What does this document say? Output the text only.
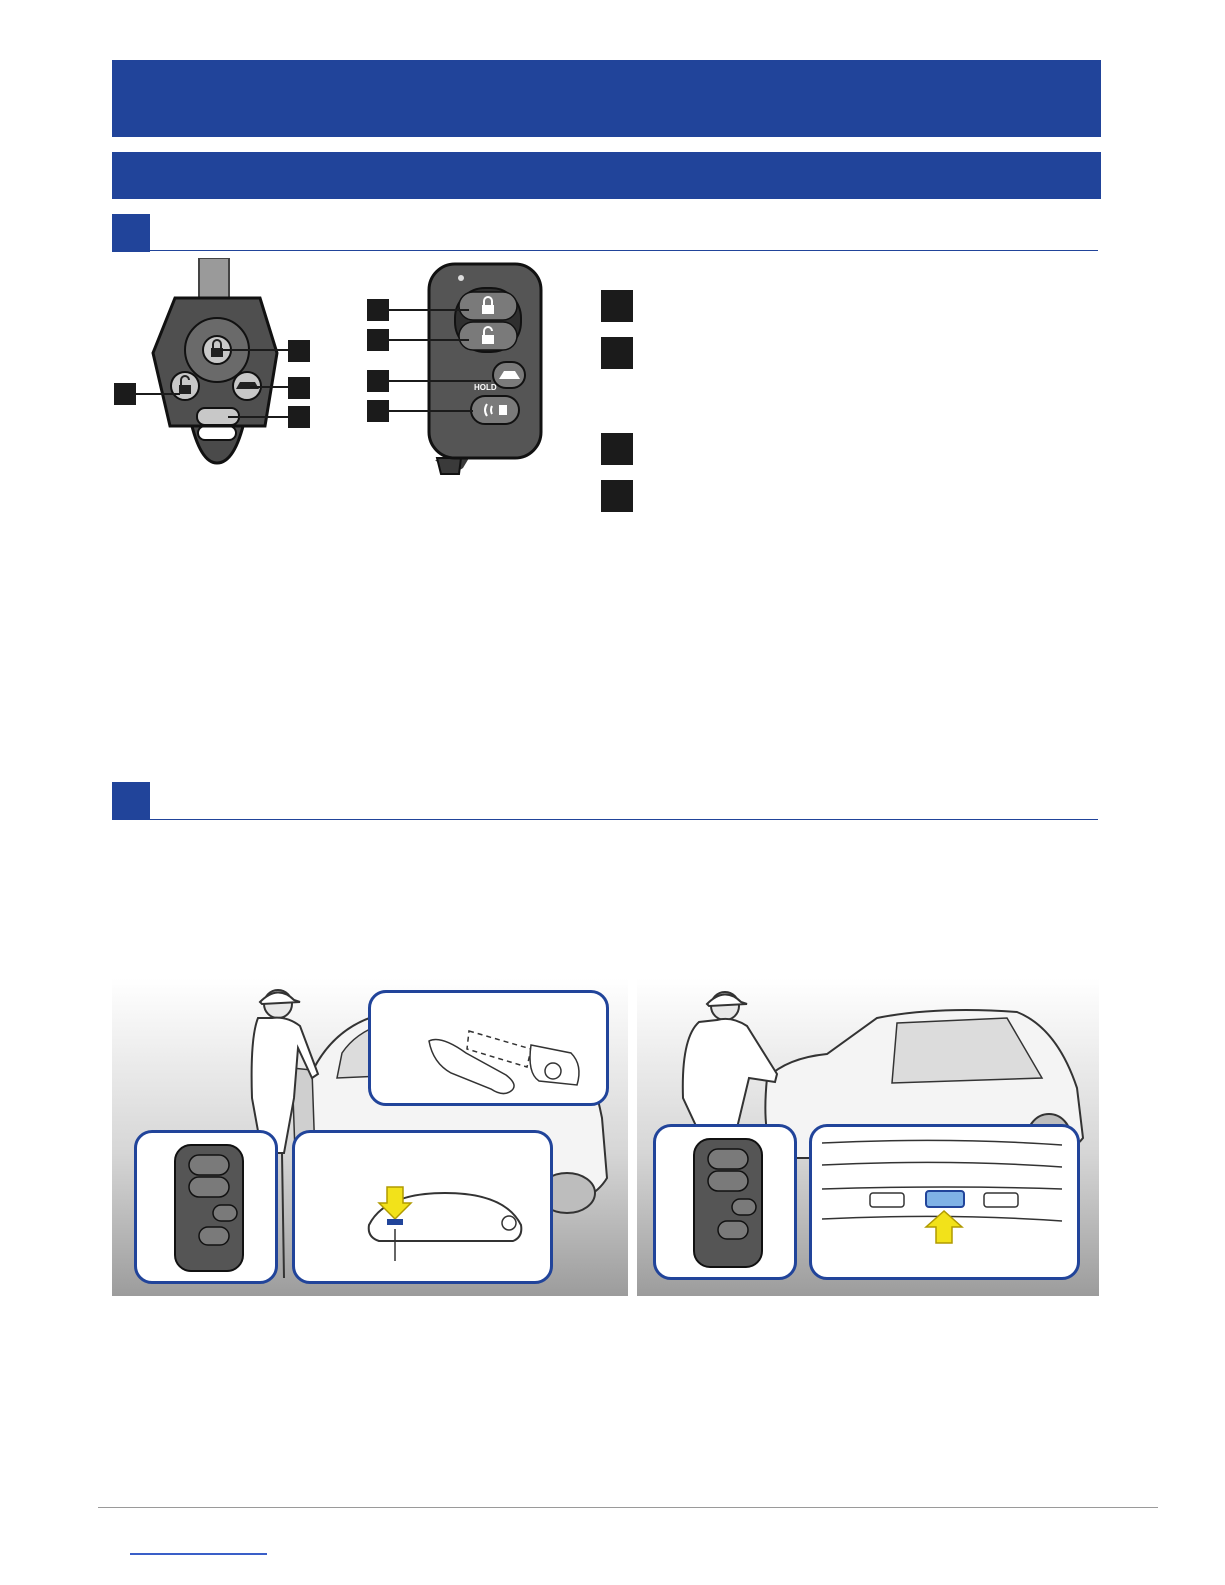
HOLD
